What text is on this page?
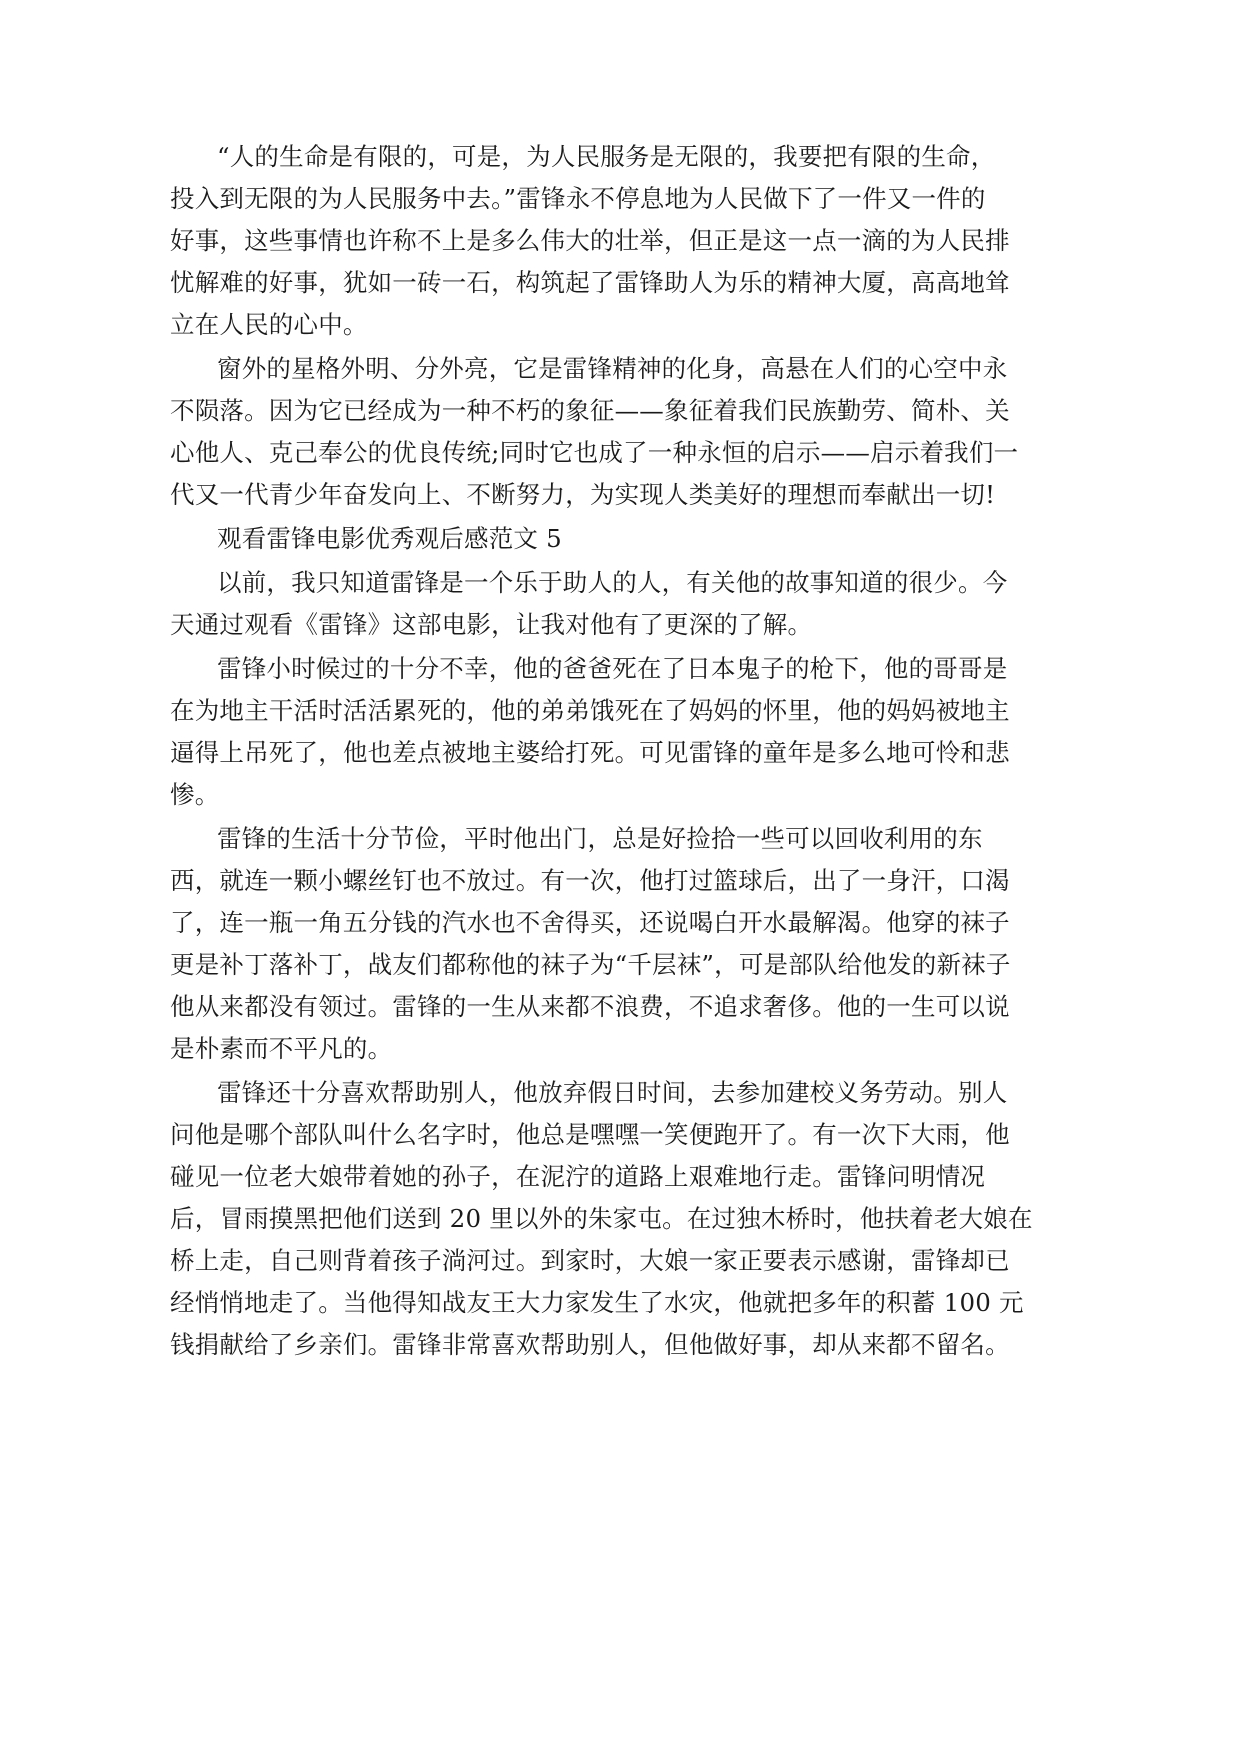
“人的生命是有限的，可是，为人民服务是无限的，我要把有限的生命，

投入到无限的为人民服务中去。”雷锋永不停息地为人民做下了一件又一件的

好事，这些事情也许称不上是多么伟大的壮举，但正是这一点一滴的为人民排

忧解难的好事，犹如一砖一石，构筑起了雷锋助人为乐的精神大厦，高高地耸

立在人民的心中。

窗外的星格外明、分外亮，它是雷锋精神的化身，高悬在人们的心空中永

不陨落。因为它已经成为一种不朽的象征——象征着我们民族勤劳、简朴、关

心他人、克己奉公的优良传统;同时它也成了一种永恒的启示——启示着我们一

代又一代青少年奋发向上、不断努力，为实现人类美好的理想而奉献出一切!

观看雷锋电影优秀观后感范文 5

以前，我只知道雷锋是一个乐于助人的人，有关他的故事知道的很少。今

天通过观看《雷锋》这部电影，让我对他有了更深的了解。

雷锋小时候过的十分不幸，他的爸爸死在了日本鬼子的枪下，他的哥哥是

在为地主干活时活活累死的，他的弟弟饿死在了妈妈的怀里，他的妈妈被地主

逼得上吊死了，他也差点被地主婆给打死。可见雷锋的童年是多么地可怜和悲

惨。

雷锋的生活十分节俭，平时他出门，总是好捡拾一些可以回收利用的东

西，就连一颗小螺丝钉也不放过。有一次，他打过篮球后，出了一身汗，口渴

了，连一瓶一角五分钱的汽水也不舍得买，还说喝白开水最解渴。他穿的袜子

更是补丁落补丁，战友们都称他的袜子为“千层袜”，可是部队给他发的新袜子

他从来都没有领过。雷锋的一生从来都不浪费，不追求奢侈。他的一生可以说

是朴素而不平凡的。

雷锋还十分喜欢帮助别人，他放弃假日时间，去参加建校义务劳动。别人

问他是哪个部队叫什么名字时，他总是嘿嘿一笑便跑开了。有一次下大雨，他

碰见一位老大娘带着她的孙子，在泥泞的道路上艰难地行走。雷锋问明情况

后，冒雨摸黑把他们送到 20 里以外的朱家屯。在过独木桥时，他扶着老大娘在

桥上走，自己则背着孩子淌河过。到家时，大娘一家正要表示感谢，雷锋却已

经悄悄地走了。当他得知战友王大力家发生了水灾，他就把多年的积蓄 100 元

钱捐献给了乡亲们。雷锋非常喜欢帮助别人，但他做好事，却从来都不留名。
